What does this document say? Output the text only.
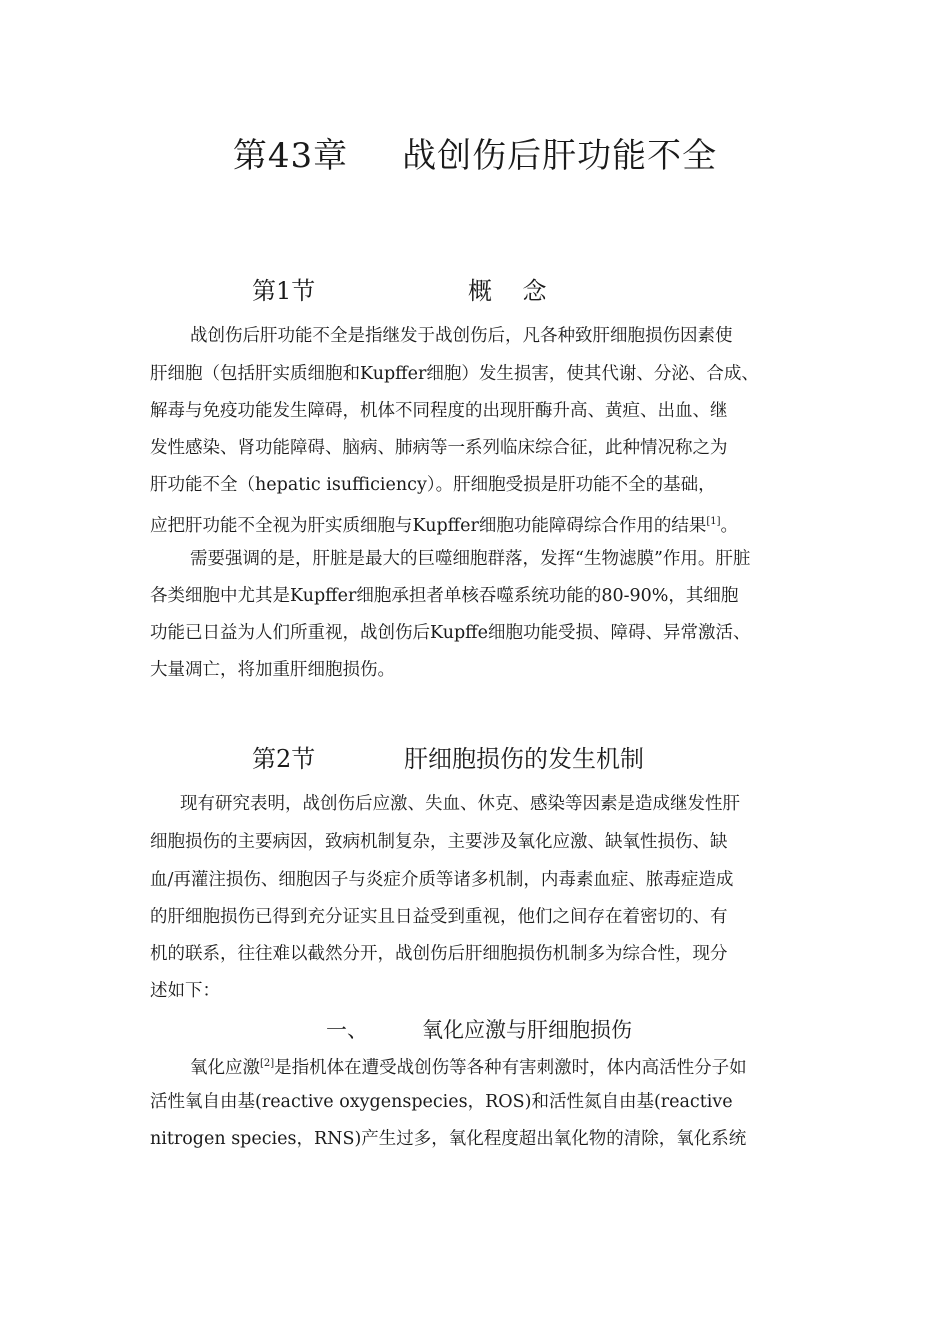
第43章 战创伤后肝功能不全
第1节	概    念
战创伤后肝功能不全是指继发于战创伤后，凡各种致肝细胞损伤因素使
肝细胞（包括肝实质细胞和Kupffer细胞）发生损害，使其代谢、分泌、合成、
解毒与免疫功能发生障碍，机体不同程度的出现肝酶升高、黄疸、出血、继
发性感染、肾功能障碍、脑病、肺病等一系列临床综合征，此种情况称之为
肝功能不全（hepatic isufficiency）。肝细胞受损是肝功能不全的基础，
应把肝功能不全视为肝实质细胞与Kupffer细胞功能障碍综合作用的结果[1]。
需要强调的是，肝脏是最大的巨噬细胞群落，发挥“生物滤膜”作用。肝脏
各类细胞中尤其是Kupffer细胞承担者单核吞噬系统功能的80-90%，其细胞
功能已日益为人们所重视，战创伤后Kupffe细胞功能受损、障碍、异常激活、
大量凋亡，将加重肝细胞损伤。
第2节	肝细胞损伤的发生机制
现有研究表明，战创伤后应激、失血、休克、感染等因素是造成继发性肝
细胞损伤的主要病因，致病机制复杂，主要涉及氧化应激、缺氧性损伤、缺
血/再灌注损伤、细胞因子与炎症介质等诸多机制，内毒素血症、脓毒症造成
的肝细胞损伤已得到充分证实且日益受到重视，他们之间存在着密切的、有
机的联系，往往难以截然分开，战创伤后肝细胞损伤机制多为综合性，现分
述如下：
一、	氧化应激与肝细胞损伤
氧化应激[2]是指机体在遭受战创伤等各种有害刺激时，体内高活性分子如
活性氧自由基(reactive oxygenspecies，ROS)和活性氮自由基(reactive
nitrogen species，RNS)产生过多，氧化程度超出氧化物的清除，氧化系统
